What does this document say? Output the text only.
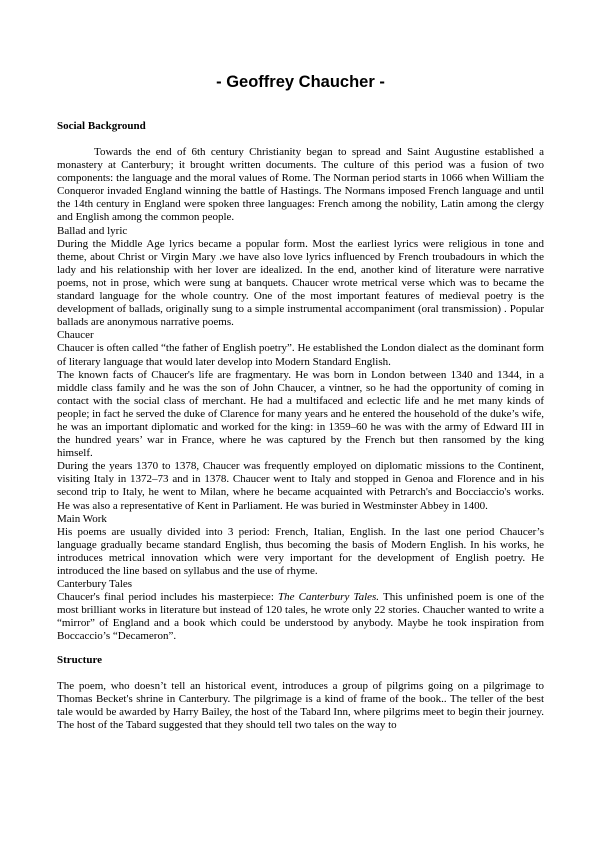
- Geoffrey Chaucher -
Social Background

Towards the end of 6th century Christianity began to spread and Saint Augustine established a monastery at Canterbury; it brought written documents. The culture of this period was a fusion of two components: the language and the moral values of Rome. The Norman period starts in 1066 when William the Conqueror invaded England winning the battle of Hastings. The Normans imposed French language and until the 14th century in England were spoken three languages: French among the nobility, Latin among the clergy and English among the common people.

Ballad and lyric

During the Middle Age lyrics became a popular form. Most the earliest lyrics were religious in tone and theme, about Christ or Virgin Mary .we have also love lyrics influenced by French troubadours in which the lady and his relationship with her lover are idealized. In the end, another kind of literature were narrative poems, not in prose, which were sung at banquets. Chaucer wrote metrical verse which was to became the standard language for the whole country. One of the most important features of medieval poetry is the development of ballads, originally sung to a simple instrumental accompaniment (oral transmission) . Popular ballads are anonymous narrative poems.

Chaucer

Chaucer is often called “the father of English poetry”. He established the London dialect as the dominant form of literary language that would later develop into Modern Standard English.

The known facts of Chaucer's life are fragmentary. He was born in London between 1340 and 1344, in a middle class family and he was the son of John Chaucer, a vintner, so he had the opportunity of coming in contact with the social class of merchant. He had a multifaced and eclectic life and he met many kinds of people; in fact he served the duke of Clarence for many years and he entered the household of the duke’s wife, he was an important diplomatic and worked for the king: in 1359–60 he was with the army of Edward III in the hundred years’ war in France, where he was captured by the French but then ransomed by the king himself.

During the years 1370 to 1378, Chaucer was frequently employed on diplomatic missions to the Continent, visiting Italy in 1372–73 and in 1378. Chaucer went to Italy and stopped in Genoa and Florence and in his second trip to Italy, he went to Milan, where he became acquainted with Petrarch's and Bocciaccio's works. He was also a representative of Kent in Parliament. He was buried in Westminster Abbey in 1400.

Main Work

His poems are usually divided into 3 period: French, Italian, English. In the last one period Chaucer’s language gradually became standard English, thus becoming the basis of Modern English. In his works, he introduces metrical innovation which were very important for the development of English poetry. He introduced the line based on syllabus and the use of rhyme.

Canterbury Tales

Chaucer's final period includes his masterpiece: The Canterbury Tales. This unfinished poem is one of the most brilliant works in literature but instead of 120 tales, he wrote only 22 stories. Chaucher wanted to write a “mirror” of England and a book which could be understood by anybody. Maybe he took inspiration from Boccaccio’s “Decameron”.

Structure

The poem, who doesn’t tell an historical event, introduces a group of pilgrims going on a pilgrimage to Thomas Becket's shrine in Canterbury. The pilgrimage is a kind of frame of the book.. The teller of the best tale would be awarded by Harry Bailey, the host of the Tabard Inn, where pilgrims meet to begin their journey. The host of the Tabard suggested that they should tell two tales on the way to
